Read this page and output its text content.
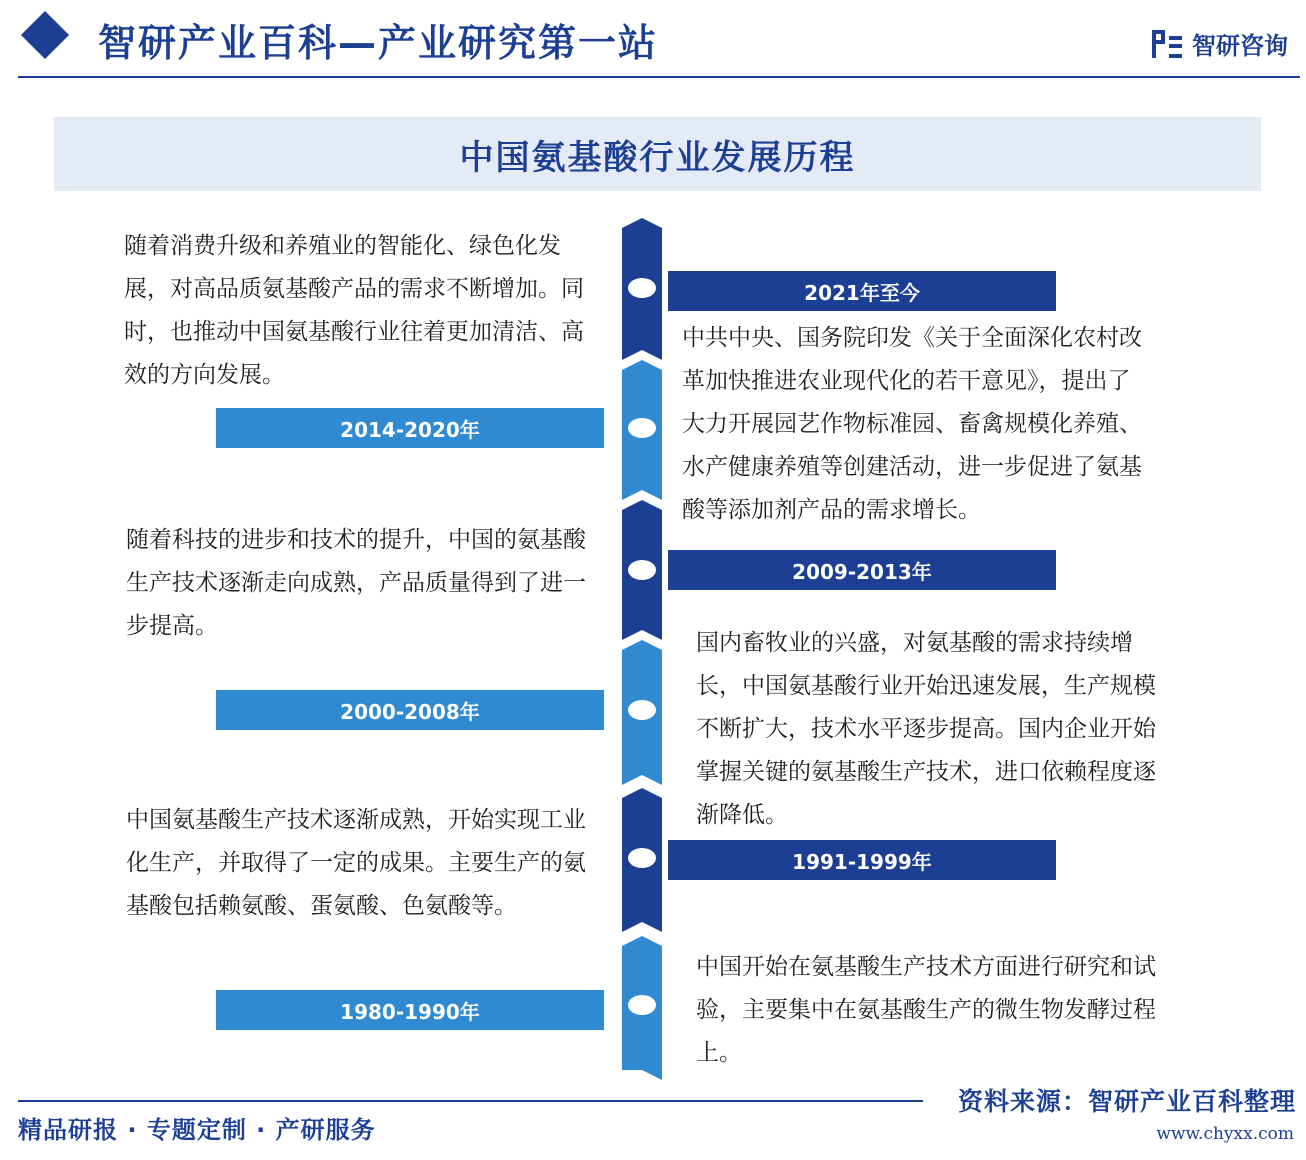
智研产业百科—产业研究第一站	智研咨询
中国氨基酸行业发展历程
2021年至今
2014-2020年
2009-2013年
2000-2008年
1991-1999年
1980-1990年

中共中央、国务院印发《关于全面深化农村改革加快推进农业现代化的若干意见》，提出了大力开展园艺作物标准园、畜禽规模化养殖、水产健康养殖等创建活动，进一步促进了氨基酸等添加剂产品的需求增长。

随着消费升级和养殖业的智能化、绿色化发展，对高品质氨基酸产品的需求不断增加。同时，也推动中国氨基酸行业往着更加清洁、高效的方向发展。

国内畜牧业的兴盛，对氨基酸的需求持续增长，中国氨基酸行业开始迅速发展，生产规模不断扩大，技术水平逐步提高。国内企业开始掌握关键的氨基酸生产技术，进口依赖程度逐渐降低。

随着科技的进步和技术的提升，中国的氨基酸生产技术逐渐走向成熟，产品质量得到了进一步提高。

中国氨基酸生产技术逐渐成熟，开始实现工业化生产，并取得了一定的成果。主要生产的氨基酸包括赖氨酸、蛋氨酸、色氨酸等。

中国开始在氨基酸生产技术方面进行研究和试验，主要集中在氨基酸生产的微生物发酵过程上。

精品研报 · 专题定制 · 产研服务
资料来源：智研产业百科整理
www.chyxx.com
